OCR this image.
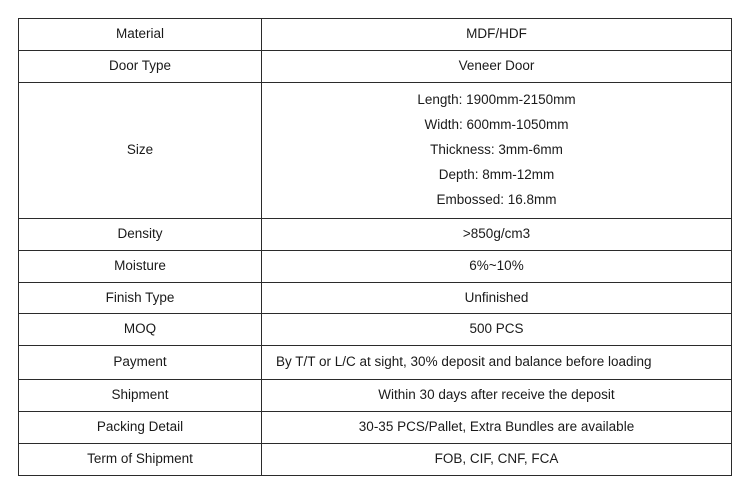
Material	MDF/HDF
Door Type	Veneer Door
Size	Length: 1900mm-2150mm
Width: 600mm-1050mm
Thickness: 3mm-6mm
Depth: 8mm-12mm
Embossed: 16.8mm

Density	>850g/cm3
Moisture	6%~10%
Finish Type	Unfinished
MOQ	500 PCS
Payment	By T/T or L/C at sight, 30% deposit and balance before loading
Shipment	Within 30 days after receive the deposit
Packing Detail	30-35 PCS/Pallet, Extra Bundles are available
Term of Shipment	FOB, CIF, CNF, FCA
